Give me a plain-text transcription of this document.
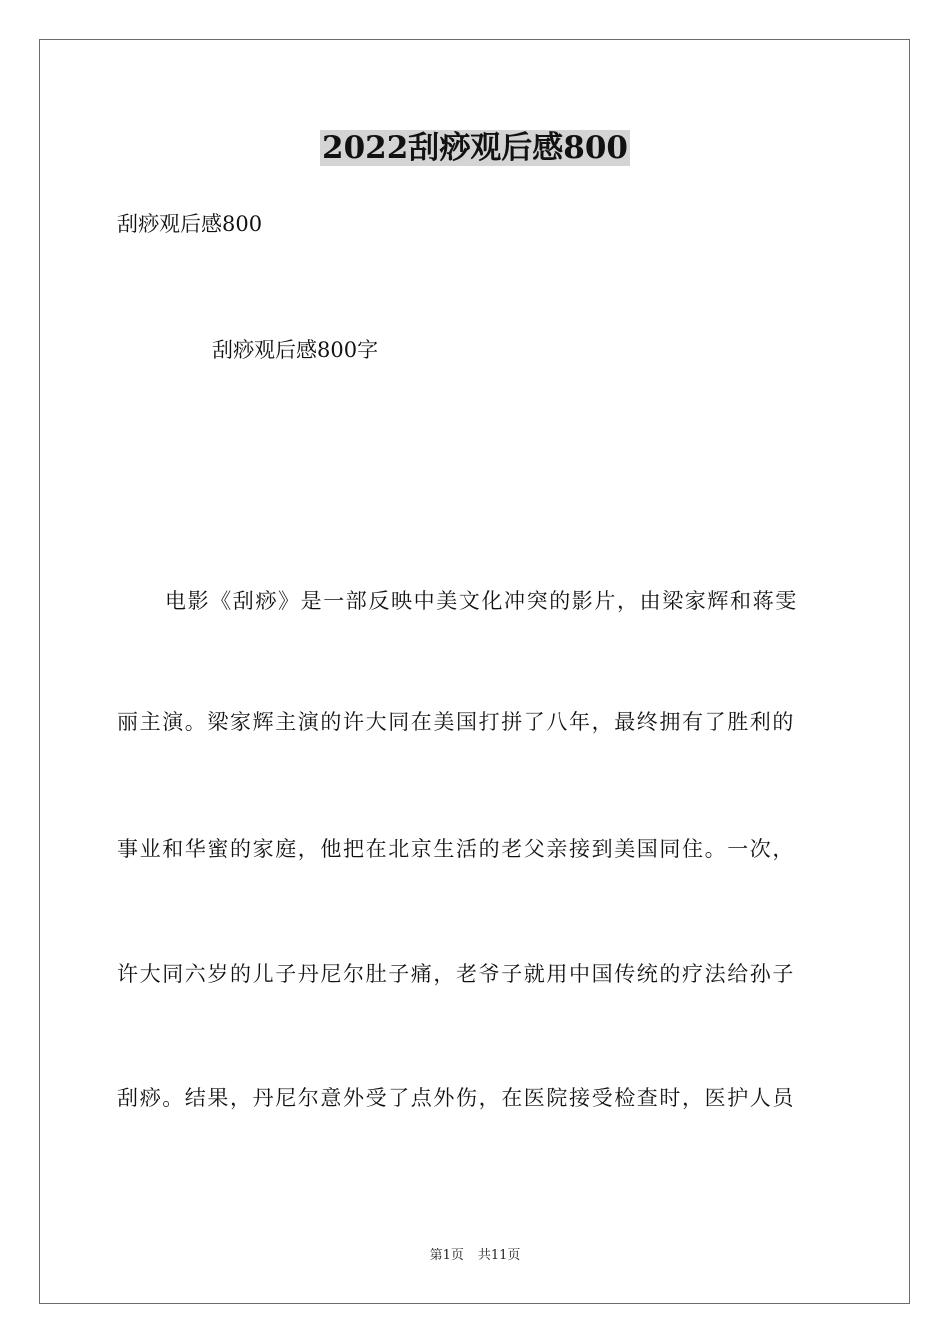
2022刮痧观后感800
刮痧观后感800
刮痧观后感800字
电影《刮痧》是一部反映中美文化冲突的影片，由梁家辉和蒋雯
丽主演。梁家辉主演的许大同在美国打拼了八年，最终拥有了胜利的
事业和华蜜的家庭，他把在北京生活的老父亲接到美国同住。一次，
许大同六岁的儿子丹尼尔肚子痛，老爷子就用中国传统的疗法给孙子
刮痧。结果，丹尼尔意外受了点外伤，在医院接受检查时，医护人员
第1页 共11页
